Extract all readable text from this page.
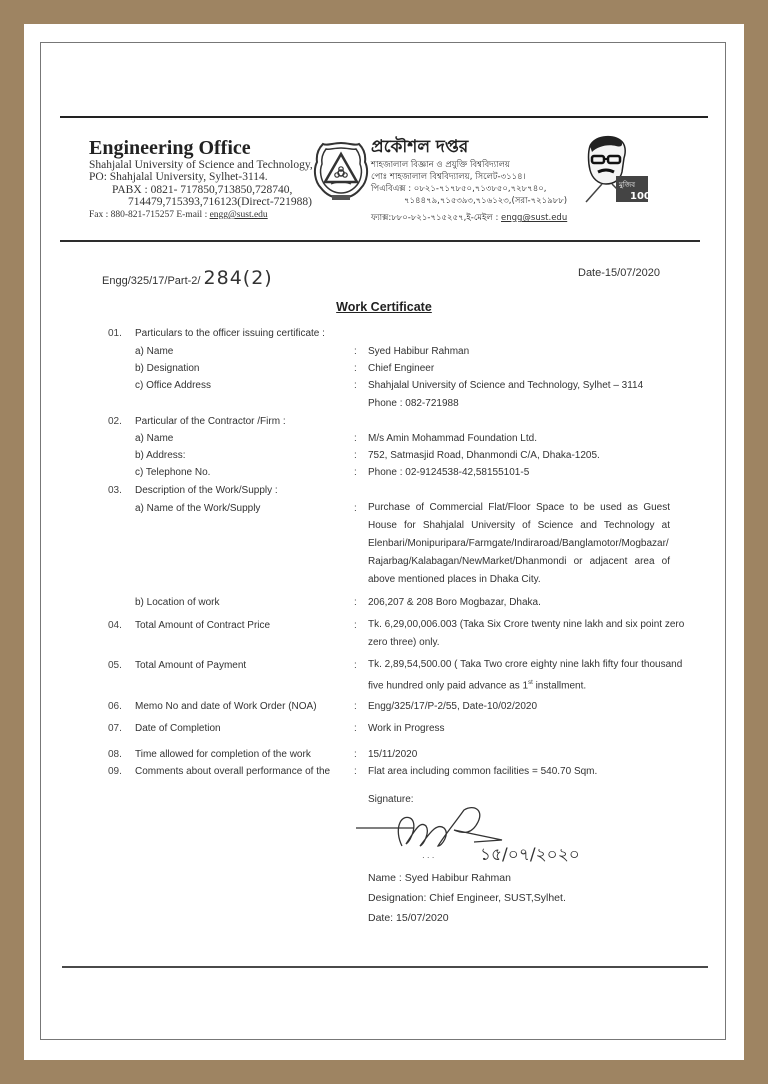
Engineering Office
Shahjalal University of Science and Technology,
PO: Shahjalal University, Sylhet-3114.
PABX : 0821- 717850,713850,728740,
714479,715393,716123(Direct-721988)
Fax : 880-821-715257 E-mail : engg@sust.edu
প্রকৌশল দপ্তর
শাহজালাল বিজ্ঞান ও প্রযুক্তি বিশ্ববিদ্যালয়
পোঃ শাহজালাল বিশ্ববিদ্যালয়, সিলেট-৩১১৪।
পিএবিএক্স : ০৮২১-৭১৭৮৫০,৭১৩৮৫০,৭২৮৭৪০,
৭১৪৪৭৯,৭১৫৩৯৩,৭১৬১২৩,(সরা-৭২১৯৮৮)
ফ্যাক্স:৮৮০-৮২১-৭১৫২৫৭,ই-মেইল : engg@sust.edu
মুজিব
100
Engg/325/17/Part-2/ 284(2)	Date-15/07/2020
Work Certificate
01. Particulars to the officer issuing certificate :
a) Name	: Syed Habibur Rahman
b) Designation	: Chief Engineer
c) Office Address	: Shahjalal University of Science and Technology, Sylhet – 3114
Phone : 082-721988
02. Particular of the Contractor /Firm :
a) Name	: M/s Amin Mohammad Foundation Ltd.
b) Address:	: 752, Satmasjid Road, Dhanmondi C/A, Dhaka-1205.
c) Telephone No.	: Phone : 02-9124538-42,58155101-5
03. Description of the Work/Supply :
a) Name of the Work/Supply	: Purchase of Commercial Flat/Floor Space to be used as Guest House for Shahjalal University of Science and Technology at Elenbari/Monipuripara/Farmgate/Indiraroad/Banglamotor/Mogbazar/ Rajarbag/Kalabagan/NewMarket/Dhanmondi or adjacent area of above mentioned places in Dhaka City.
b) Location of work	: 206,207 & 208 Boro Mogbazar, Dhaka.
04. Total Amount of Contract Price	: Tk. 6,29,00,006.003 (Taka Six Crore twenty nine lakh and six point zero zero three) only.
05. Total Amount of Payment	: Tk. 2,89,54,500.00 ( Taka Two crore eighty nine lakh fifty four thousand five hundred only paid advance as 1st installment.
06. Memo No and date of Work Order (NOA)	: Engg/325/17/P-2/55, Date-10/02/2020
07. Date of Completion	: Work in Progress
08. Time allowed for completion of the work	: 15/11/2020
09. Comments about overall performance of the : Flat area including common facilities = 540.70 Sqm.
Signature:
· · ·	১৫/০৭/২০২০
Name : Syed Habibur Rahman
Designation: Chief Engineer, SUST,Sylhet.
Date: 15/07/2020
